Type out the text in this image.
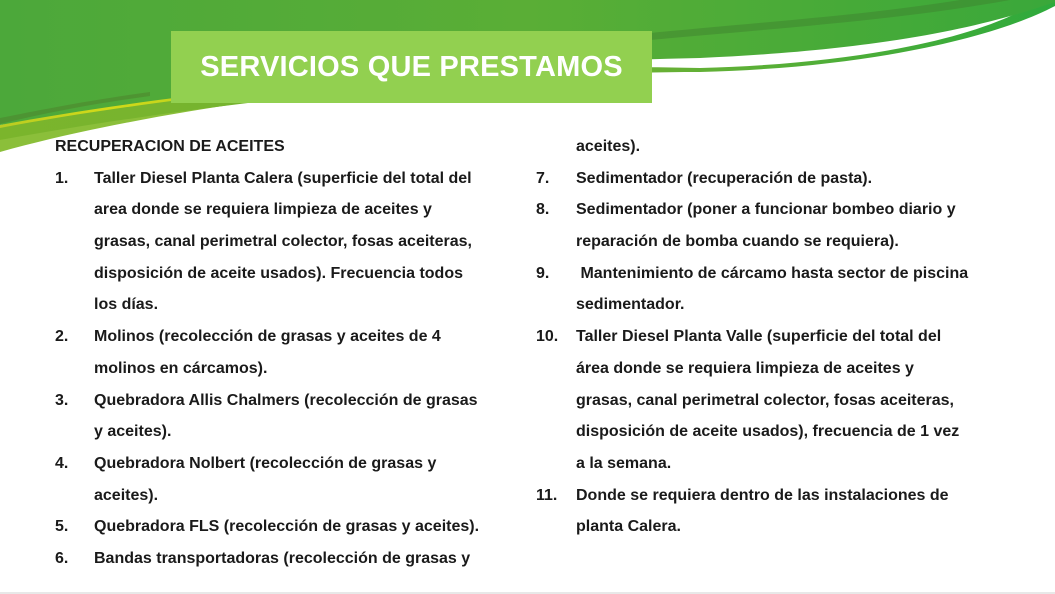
SERVICIOS QUE PRESTAMOS
RECUPERACION DE ACEITES
1. Taller Diesel Planta Calera (superficie del total del
area donde se requiera limpieza de aceites y
grasas, canal perimetral colector, fosas aceiteras,
disposición de aceite usados). Frecuencia todos
los días.
2. Molinos (recolección de grasas y aceites de 4
molinos en cárcamos).
3. Quebradora Allis Chalmers (recolección de grasas
y aceites).
4. Quebradora Nolbert (recolección de grasas y
aceites).
5. Quebradora FLS (recolección de grasas y aceites).
6. Bandas transportadoras (recolección de grasas y
aceites).
7. Sedimentador (recuperación de pasta).
8. Sedimentador (poner a funcionar bombeo diario y
reparación de bomba cuando se requiera).
9. Mantenimiento de cárcamo hasta sector de piscina
sedimentador.
10. Taller Diesel Planta Valle (superficie del total del
área donde se requiera limpieza de aceites y
grasas, canal perimetral colector, fosas aceiteras,
disposición de aceite usados), frecuencia de 1 vez
a la semana.
11. Donde se requiera dentro de las instalaciones de
planta Calera.
